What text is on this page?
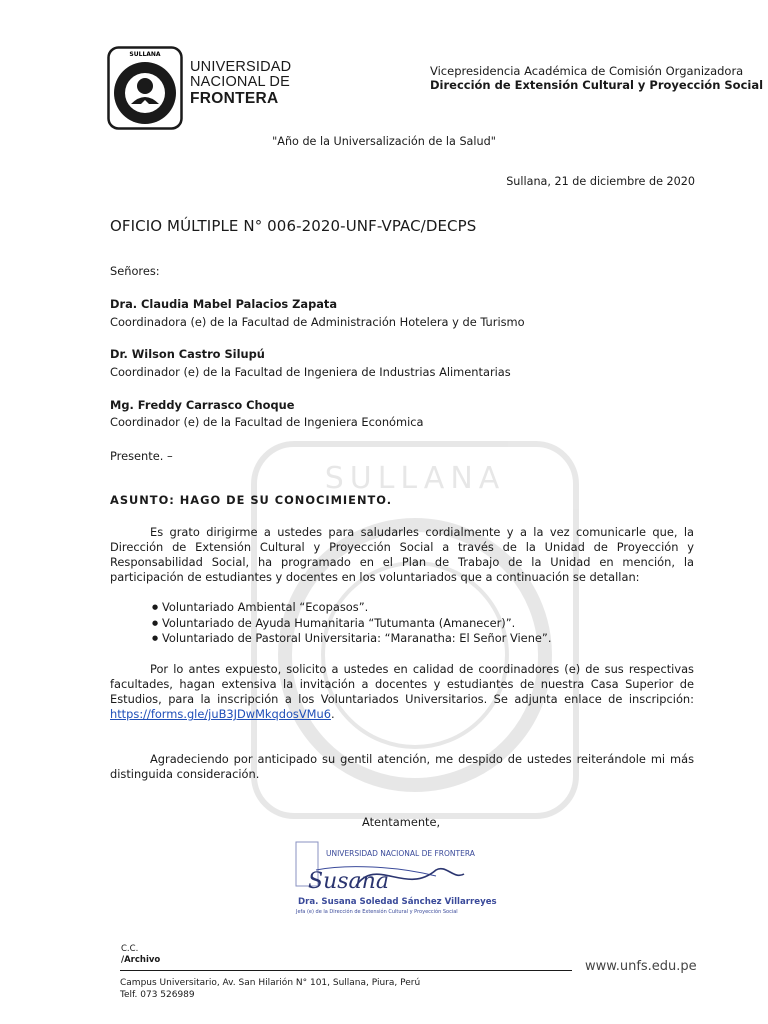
SULLANA
SULLANA
UNIVERSIDAD
NACIONAL DE
FRONTERA
Vicepresidencia Académica de Comisión Organizadora
Dirección de Extensión Cultural y Proyección Social
"Año de la Universalización de la Salud"
Sullana, 21 de diciembre de 2020
OFICIO MÚLTIPLE N° 006-2020-UNF-VPAC/DECPS
Señores:
Dra. Claudia Mabel Palacios Zapata
Coordinadora (e) de la Facultad de Administración Hotelera y de Turismo
Dr. Wilson Castro Silupú
Coordinador (e) de la Facultad de Ingeniera de Industrias Alimentarias
Mg. Freddy Carrasco Choque
Coordinador (e) de la Facultad de Ingeniera Económica
Presente. –
ASUNTO: HAGO DE SU CONOCIMIENTO.
Es grato dirigirme a ustedes para saludarles cordialmente y a la vez comunicarle que, la Dirección de Extensión Cultural y Proyección Social a través de la Unidad de Proyección y Responsabilidad Social, ha programado en el Plan de Trabajo de la Unidad en mención, la participación de estudiantes y docentes en los voluntariados que a continuación se detallan:
● Voluntariado Ambiental “Ecopasos”.
● Voluntariado de Ayuda Humanitaria “Tutumanta (Amanecer)”.
● Voluntariado de Pastoral Universitaria: “Maranatha: El Señor Viene”.
Por lo antes expuesto, solicito a ustedes en calidad de coordinadores (e) de sus respectivas facultades, hagan extensiva la invitación a docentes y estudiantes de nuestra Casa Superior de Estudios, para la inscripción a los Voluntariados Universitarios. Se adjunta enlace de inscripción: https://forms.gle/juB3JDwMkqdosVMu6.
Agradeciendo por anticipado su gentil atención, me despido de ustedes reiterándole mi más distinguida consideración.
Atentamente,
UNIVERSIDAD NACIONAL DE FRONTERA
Susana
Dra. Susana Soledad Sánchez Villarreyes
Jefa (e) de la Dirección de Extensión Cultural y Proyección Social
C.C.
/Archivo	www.unfs.edu.pe
Campus Universitario, Av. San Hilarión N° 101, Sullana, Piura, Perú
Telf. 073 526989
